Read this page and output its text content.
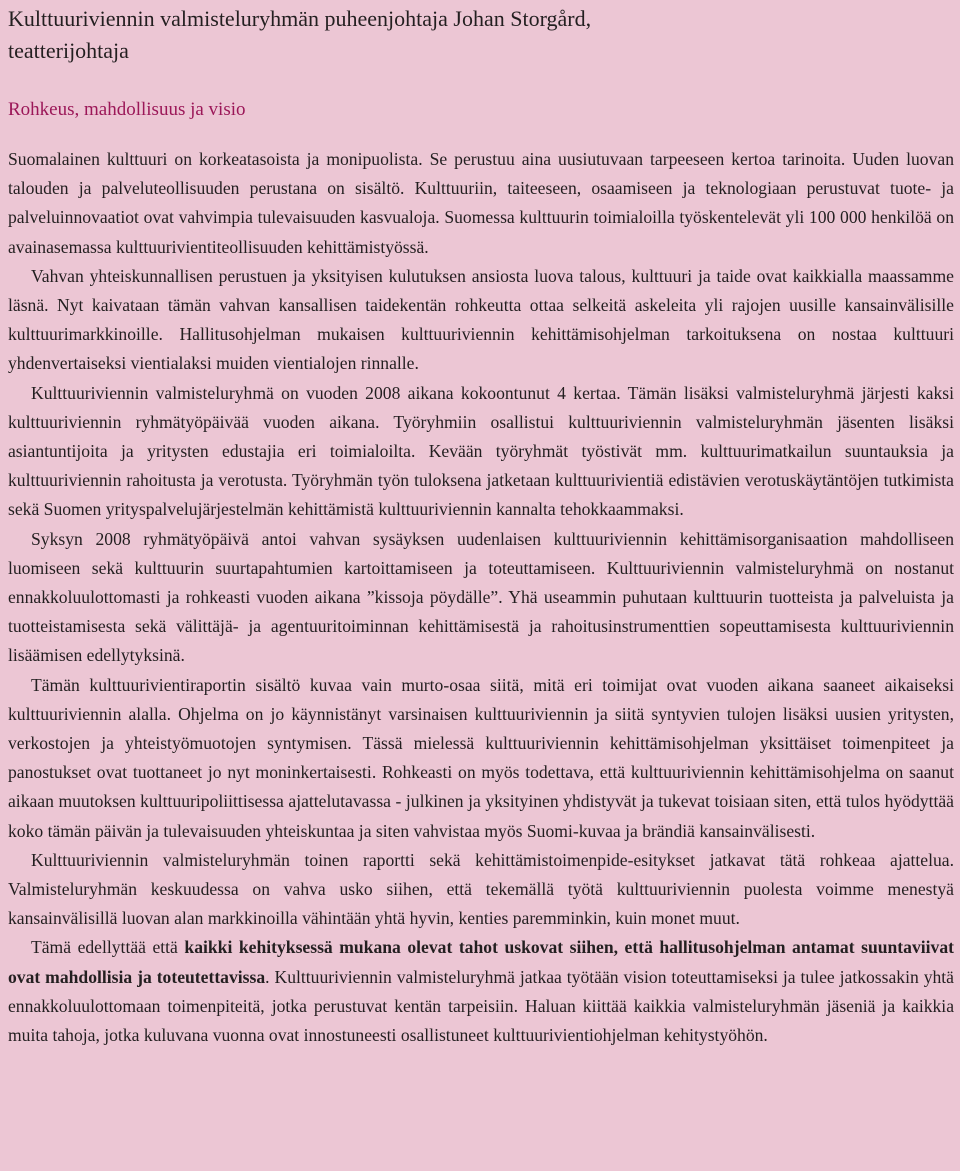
Kulttuuriviennin valmisteluryhmän puheenjohtaja Johan Storgård,
teatterijohtaja
Rohkeus, mahdollisuus ja visio

Suomalainen kulttuuri on korkeatasoista ja monipuolista. Se perustuu aina uusiutuvaan tarpeeseen kertoa tarinoita. Uuden luovan talouden ja palveluteollisuuden perustana on sisältö. Kulttuuriin, taiteeseen, osaamiseen ja teknologiaan perustuvat tuote- ja palveluinnovaatiot ovat vahvimpia tulevaisuuden kasvualoja. Suomessa kulttuurin toimialoilla työskentelevät yli 100 000 henkilöä on avainasemassa kulttuurivientiteollisuuden kehittämistyössä.

Vahvan yhteiskunnallisen perustuen ja yksityisen kulutuksen ansiosta luova talous, kulttuuri ja taide ovat kaikkialla maassamme läsnä. Nyt kaivataan tämän vahvan kansallisen taidekentän rohkeutta ottaa selkeitä askeleita yli rajojen uusille kansainvälisille kulttuurimarkkinoille. Hallitusohjelman mukaisen kulttuuriviennin kehittämisohjelman tarkoituksena on nostaa kulttuuri yhdenvertaiseksi vientialaksi muiden vientialojen rinnalle.

Kulttuuriviennin valmisteluryhmä on vuoden 2008 aikana kokoontunut 4 kertaa. Tämän lisäksi valmisteluryhmä järjesti kaksi kulttuuriviennin ryhmätyöpäivää vuoden aikana. Työryhmiin osallistui kulttuuriviennin valmisteluryhmän jäsenten lisäksi asiantuntijoita ja yritysten edustajia eri toimialoilta. Kevään työryhmät työstivät mm. kulttuurimatkailun suuntauksia ja kulttuuriviennin rahoitusta ja verotusta. Työryhmän työn tuloksena jatketaan kulttuurivientiä edistävien verotuskäytäntöjen tutkimista sekä Suomen yrityspalvelujärjestelmän kehittämistä kulttuuriviennin kannalta tehokkaammaksi.

Syksyn 2008 ryhmätyöpäivä antoi vahvan sysäyksen uudenlaisen kulttuuriviennin kehittämisorganisaation mahdolliseen luomiseen sekä kulttuurin suurtapahtumien kartoittamiseen ja toteuttamiseen. Kulttuuriviennin valmisteluryhmä on nostanut ennakkoluulottomasti ja rohkeasti vuoden aikana ”kissoja pöydälle”. Yhä useammin puhutaan kulttuurin tuotteista ja palveluista ja tuotteistamisesta sekä välittäjä- ja agentuuritoiminnan kehittämisestä ja rahoitusinstrumenttien sopeuttamisesta kulttuuriviennin lisäämisen edellytyksinä.

Tämän kulttuurivientiraportin sisältö kuvaa vain murto-osaa siitä, mitä eri toimijat ovat vuoden aikana saaneet aikaiseksi kulttuuriviennin alalla. Ohjelma on jo käynnistänyt varsinaisen kulttuuriviennin ja siitä syntyvien tulojen lisäksi uusien yritysten, verkostojen ja yhteistyömuotojen syntymisen. Tässä mielessä kulttuuriviennin kehittämisohjelman yksittäiset toimenpiteet ja panostukset ovat tuottaneet jo nyt moninkertaisesti. Rohkeasti on myös todettava, että kulttuuriviennin kehittämisohjelma on saanut aikaan muutoksen kulttuuripoliittisessa ajattelutavassa - julkinen ja yksityinen yhdistyvät ja tukevat toisiaan siten, että tulos hyödyttää koko tämän päivän ja tulevaisuuden yhteiskuntaa ja siten vahvistaa myös Suomi-kuvaa ja brändiä kansainvälisesti.

Kulttuuriviennin valmisteluryhmän toinen raportti sekä kehittämistoimenpide-esitykset jatkavat tätä rohkeaa ajattelua. Valmisteluryhmän keskuudessa on vahva usko siihen, että tekemällä työtä kulttuuriviennin puolesta voimme menestyä kansainvälisillä luovan alan markkinoilla vähintään yhtä hyvin, kenties paremminkin, kuin monet muut.

Tämä edellyttää että kaikki kehityksessä mukana olevat tahot uskovat siihen, että hallitusohjelman antamat suuntaviivat ovat mahdollisia ja toteutettavissa. Kulttuuriviennin valmisteluryhmä jatkaa työtään vision toteuttamiseksi ja tulee jatkossakin yhtä ennakkoluulottomaan toimenpiteitä, jotka perustuvat kentän tarpeisiin. Haluan kiittää kaikkia valmisteluryhmän jäseniä ja kaikkia muita tahoja, jotka kuluvana vuonna ovat innostuneesti osallistuneet kulttuurivientiohjelman kehitystyöhön.
